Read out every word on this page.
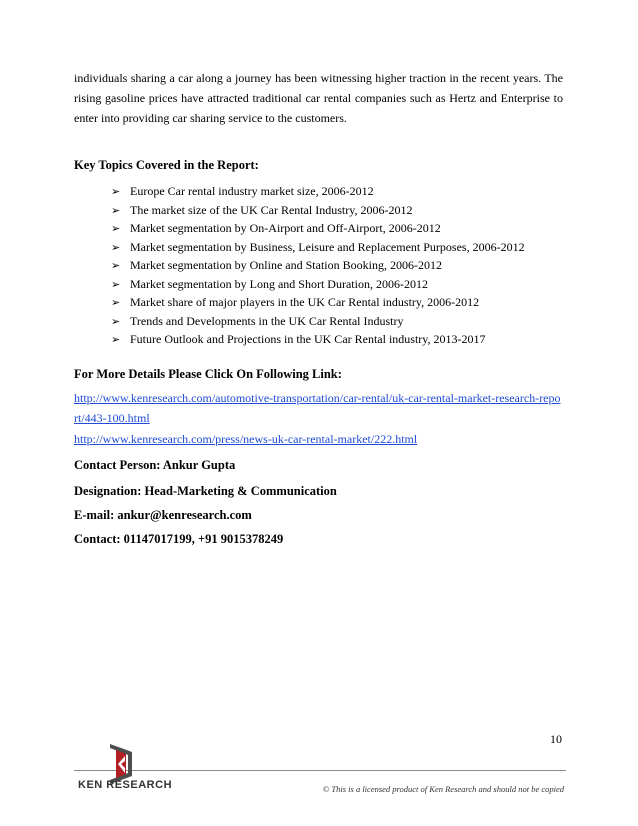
individuals sharing a car along a journey has been witnessing higher traction in the recent years. The rising gasoline prices have attracted traditional car rental companies such as Hertz and Enterprise to enter into providing car sharing service to the customers.

Key Topics Covered in the Report:

➢ Europe Car rental industry market size, 2006-2012
➢ The market size of the UK Car Rental Industry, 2006-2012
➢ Market segmentation by On-Airport and Off-Airport, 2006-2012
➢ Market segmentation by Business, Leisure and Replacement Purposes, 2006-2012
➢ Market segmentation by Online and Station Booking, 2006-2012
➢ Market segmentation by Long and Short Duration, 2006-2012
➢ Market share of major players in the UK Car Rental industry, 2006-2012
➢ Trends and Developments in the UK Car Rental Industry
➢ Future Outlook and Projections in the UK Car Rental industry, 2013-2017

For More Details Please Click On Following Link:

http://www.kenresearch.com/automotive-transportation/car-rental/uk-car-rental-market-research-report/443-100.html
http://www.kenresearch.com/press/news-uk-car-rental-market/222.html

Contact Person: Ankur Gupta

Designation: Head-Marketing & Communication

E-mail: ankur@kenresearch.com

Contact: 01147017199, +91 9015378249

10
KEN RESEARCH	© This is a licensed product of Ken Research and should not be copied
